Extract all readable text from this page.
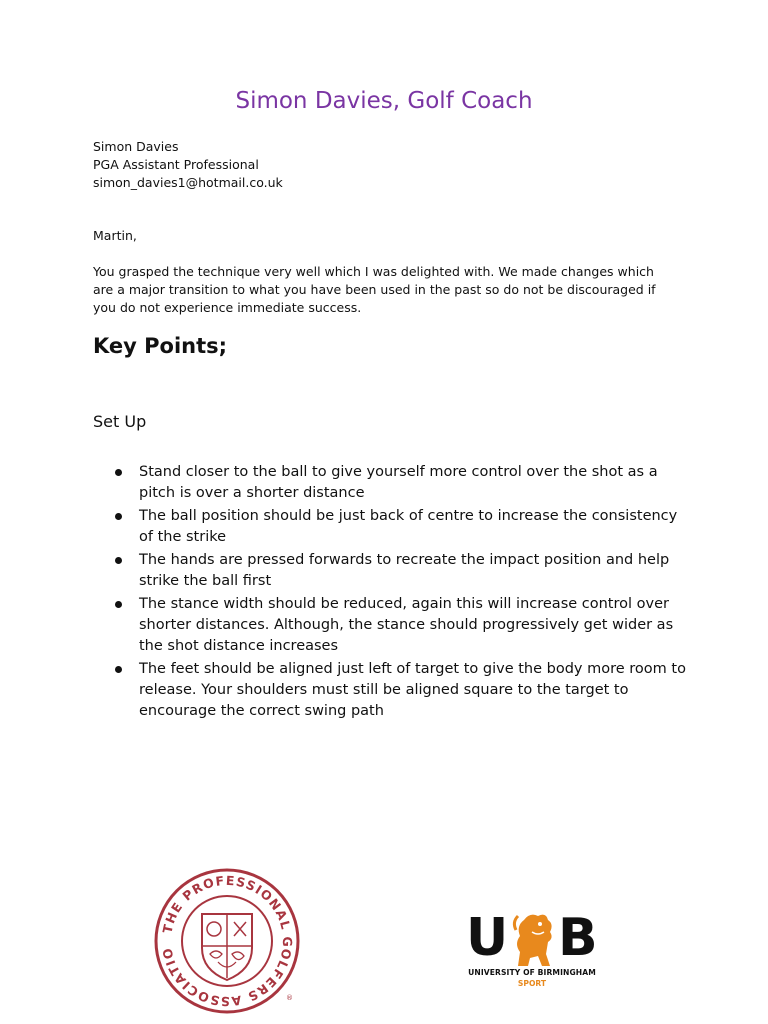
Simon Davies, Golf Coach
Simon Davies
PGA Assistant Professional
simon_davies1@hotmail.co.uk
Martin,
You grasped the technique very well which I was delighted with. We made changes which are a major transition to what you have been used in the past so do not be discouraged if you do not experience immediate success.
Key Points;
Set Up
Stand closer to the ball to give yourself more control over the shot as a pitch is over a shorter distance
The ball position should be just back of centre to increase the consistency of the strike
The hands are pressed forwards to recreate the impact position and help strike the ball first
The stance width should be reduced, again this will increase control over shorter distances. Although, the stance should progressively get wider as the shot distance increases
The feet should be aligned just left of target to give the body more room to release. Your shoulders must still be aligned square to the target to encourage the correct swing path
THE PROFESSIONAL GOLFERS ASSOCIATIO
®
U B
UNIVERSITY OF BIRMINGHAM
SPORT
